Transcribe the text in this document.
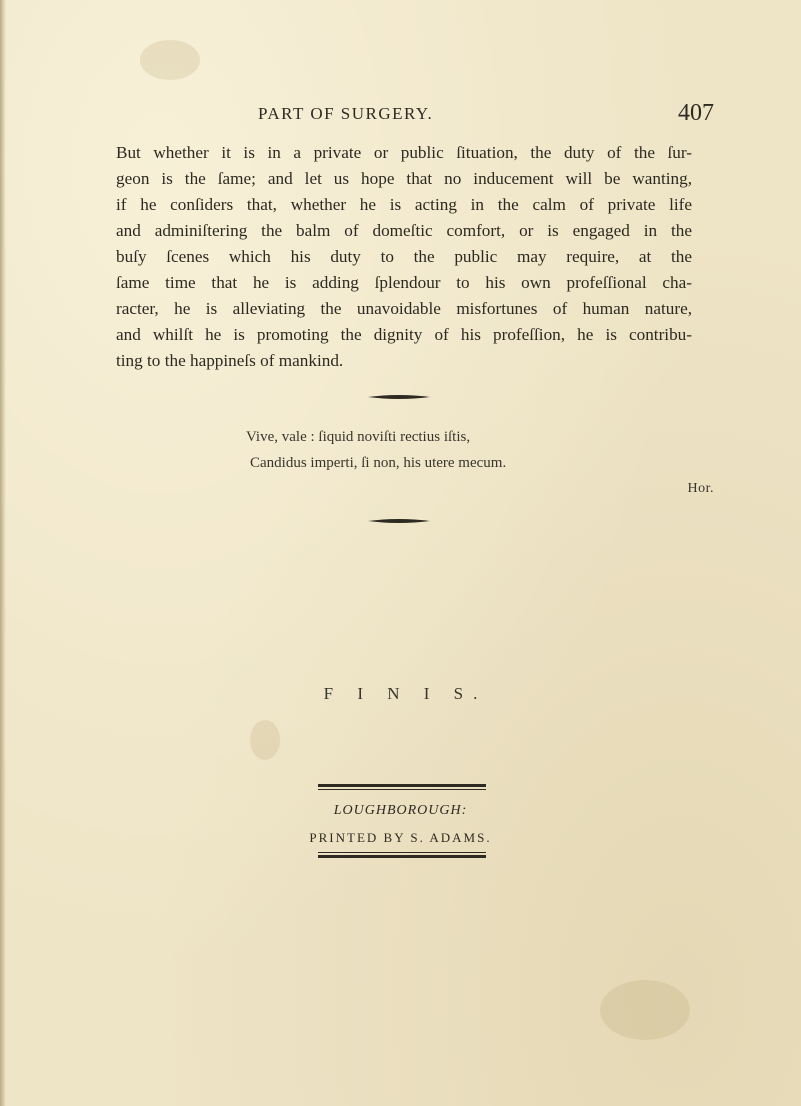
PART OF SURGERY.	407
But whether it is in a private or public ſituation, the duty of the ſur-
geon is the ſame; and let us hope that no inducement will be wanting,
if he conſiders that, whether he is acting in the calm of private life
and adminiſtering the balm of domeſtic comfort, or is engaged in the
buſy ſcenes which his duty to the public may require, at the
ſame time that he is adding ſplendour to his own profeſſional cha-
racter, he is alleviating the unavoidable misfortunes of human nature,
and whilſt he is promoting the dignity of his profeſſion, he is contribu-
ting to the happineſs of mankind.
Vive, vale : ſiquid noviſti rectius iſtis,
Candidus imperti, ſi non, his utere mecum.
Hor.
F I N I S.
LOUGHBOROUGH:
PRINTED BY S. ADAMS.
